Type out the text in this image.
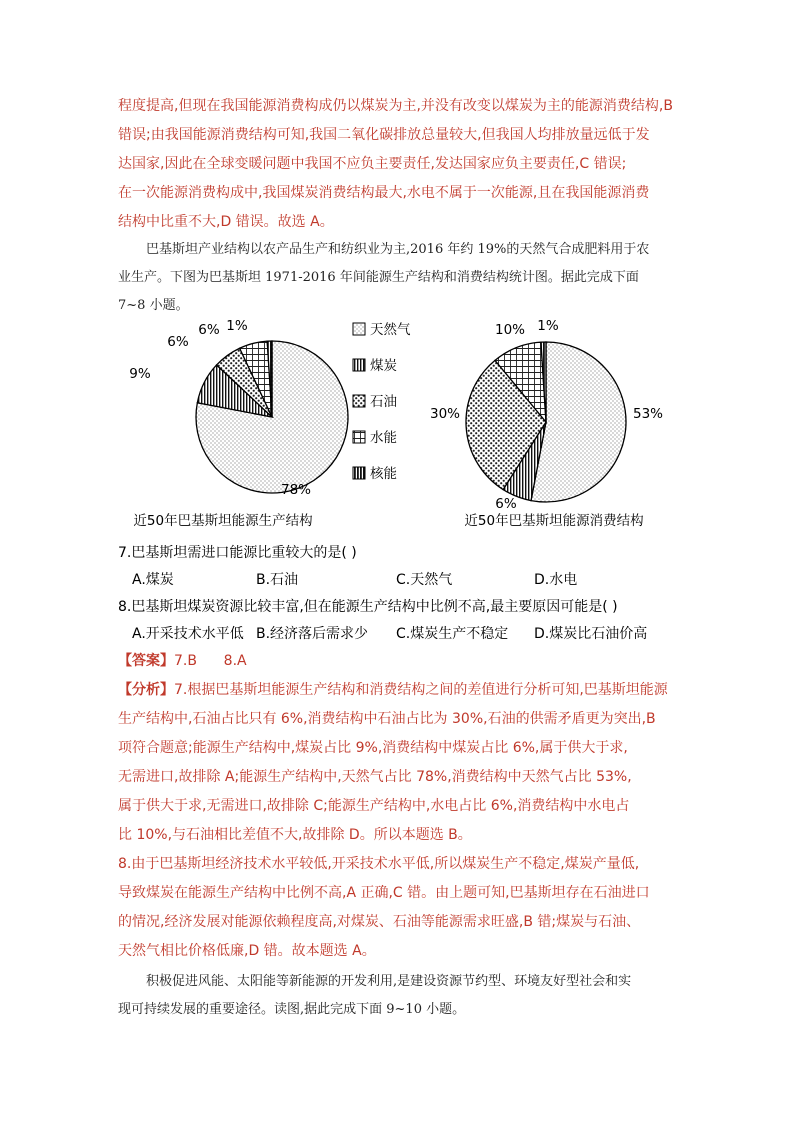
程度提高,但现在我国能源消费构成仍以煤炭为主,并没有改变以煤炭为主的能源消费结构,B
错误;由我国能源消费结构可知,我国二氧化碳排放总量较大,但我国人均排放量远低于发
达国家,因此在全球变暖问题中我国不应负主要责任,发达国家应负主要责任,C 错误;
在一次能源消费构成中,我国煤炭消费结构最大,水电不属于一次能源,且在我国能源消费
结构中比重不大,D 错误。故选 A。
巴基斯坦产业结构以农产品生产和纺织业为主,2016 年约 19%的天然气合成肥料用于农
业生产。下图为巴基斯坦 1971-2016 年间能源生产结构和消费结构统计图。据此完成下面
7~8 小题。
78%
9%
6%
6% 1%
53%
30%
6%
10% 1%
天然气
煤炭
石油
水能
核能
近50年巴基斯坦能源生产结构	近50年巴基斯坦能源消费结构
7.巴基斯坦需进口能源比重较大的是( )
A.煤炭	B.石油	C.天然气	D.水电
8.巴基斯坦煤炭资源比较丰富,但在能源生产结构中比例不高,最主要原因可能是( )
A.开采技术水平低 B.经济落后需求少 C.煤炭生产不稳定 D.煤炭比石油价高
【答案】7.B      8.A
【分析】7.根据巴基斯坦能源生产结构和消费结构之间的差值进行分析可知,巴基斯坦能源
生产结构中,石油占比只有 6%,消费结构中石油占比为 30%,石油的供需矛盾更为突出,B
项符合题意;能源生产结构中,煤炭占比 9%,消费结构中煤炭占比 6%,属于供大于求,
无需进口,故排除 A;能源生产结构中,天然气占比 78%,消费结构中天然气占比 53%,
属于供大于求,无需进口,故排除 C;能源生产结构中,水电占比 6%,消费结构中水电占
比 10%,与石油相比差值不大,故排除 D。所以本题选 B。
8.由于巴基斯坦经济技术水平较低,开采技术水平低,所以煤炭生产不稳定,煤炭产量低,
导致煤炭在能源生产结构中比例不高,A 正确,C 错。由上题可知,巴基斯坦存在石油进口
的情况,经济发展对能源依赖程度高,对煤炭、石油等能源需求旺盛,B 错;煤炭与石油、
天然气相比价格低廉,D 错。故本题选 A。
积极促进风能、太阳能等新能源的开发利用,是建设资源节约型、环境友好型社会和实
现可持续发展的重要途径。读图,据此完成下面 9~10 小题。
